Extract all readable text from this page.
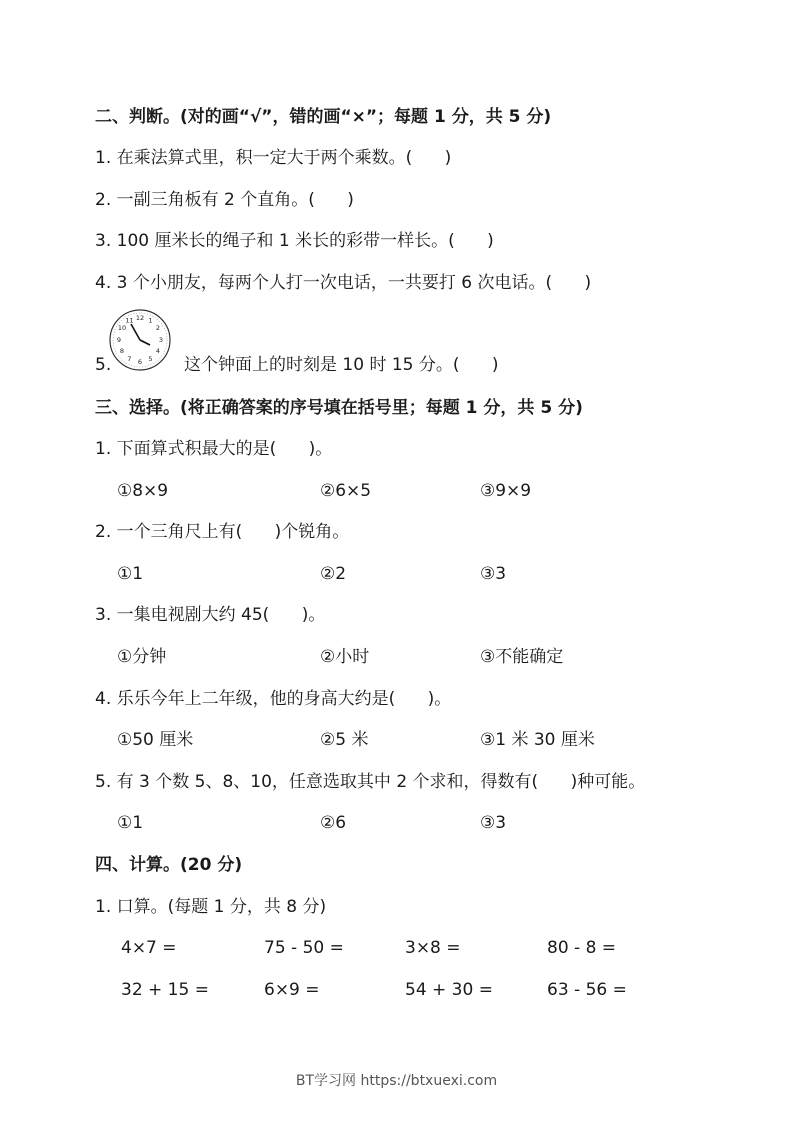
二、判断。(对的画“√”，错的画“×”；每题 1 分，共 5 分)
1. 在乘法算式里，积一定大于两个乘数。(      )
2. 一副三角板有 2 个直角。(      )
3. 100 厘米长的绳子和 1 米长的彩带一样长。(      )
4. 3 个小朋友，每两个人打一次电话，一共要打 6 次电话。(      )
5.
12 1
2
3
4
5
6
7
8
9
10
11
这个钟面上的时刻是 10 时 15 分。(      )
三、选择。(将正确答案的序号填在括号里；每题 1 分，共 5 分)
1. 下面算式积最大的是(      )。
①8×9	②6×5	③9×9
2. 一个三角尺上有(      )个锐角。
①1	②2	③3
3. 一集电视剧大约 45(      )。
①分钟	②小时	③不能确定
4. 乐乐今年上二年级，他的身高大约是(      )。
①50 厘米	②5 米	③1 米 30 厘米
5. 有 3 个数 5、8、10，任意选取其中 2 个求和，得数有(      )种可能。
①1	②6	③3
四、计算。(20 分)
1. 口算。(每题 1 分，共 8 分)
4×7 =	75 - 50 =	3×8 =	80 - 8 =
32 + 15 =	6×9 =	54 + 30 =	63 - 56 =
BT学习网 https://btxuexi.com
